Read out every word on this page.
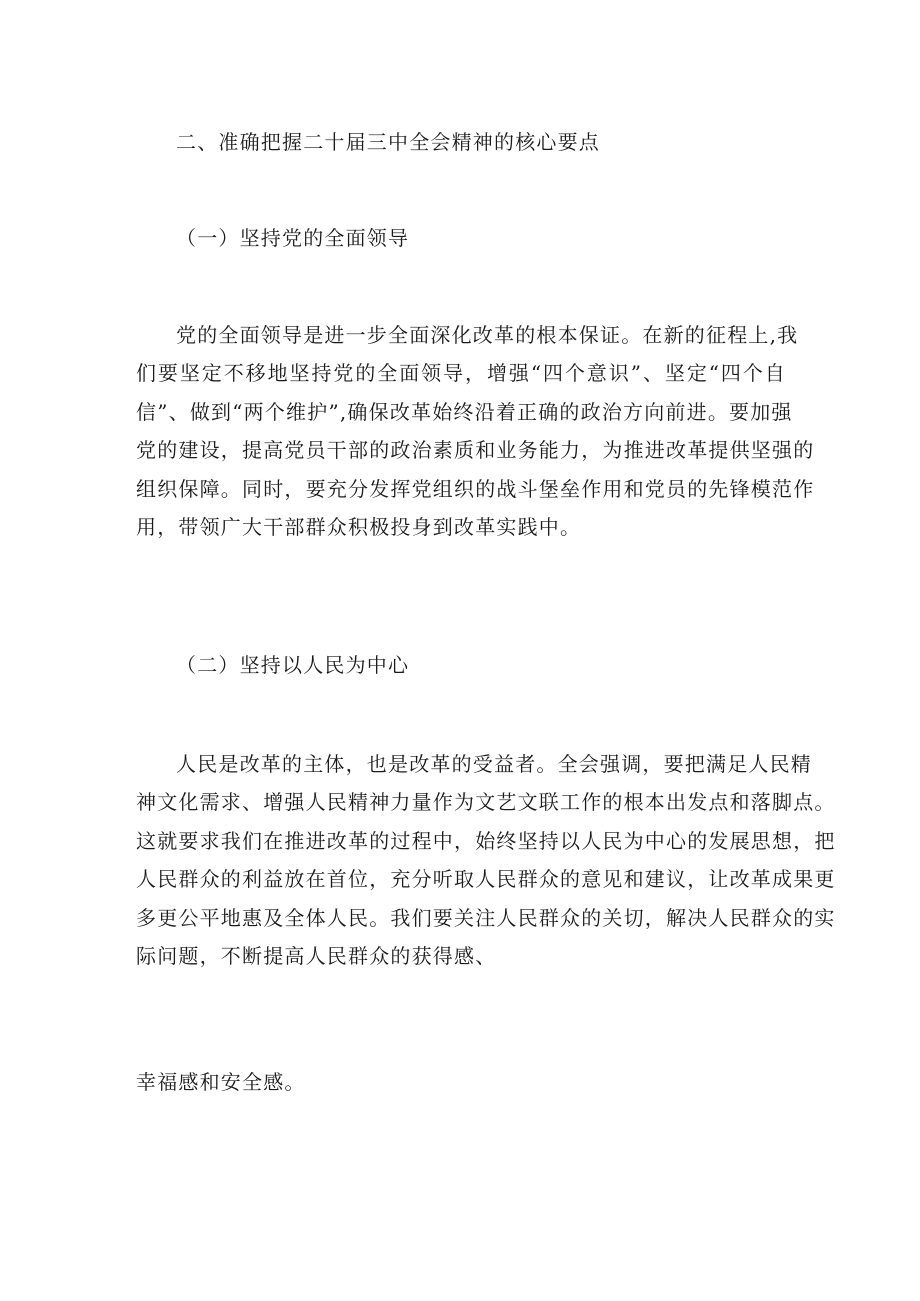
二、准确把握二十届三中全会精神的核心要点
（一）坚持党的全面领导
党的全面领导是进一步全面深化改革的根本保证。在新的征程上,我
们要坚定不移地坚持党的全面领导，增强“四个意识”、坚定“四个自
信”、做到“两个维护”,确保改革始终沿着正确的政治方向前进。要加强
党的建设，提高党员干部的政治素质和业务能力，为推进改革提供坚强的
组织保障。同时，要充分发挥党组织的战斗堡垒作用和党员的先锋模范作
用，带领广大干部群众积极投身到改革实践中。
（二）坚持以人民为中心
人民是改革的主体，也是改革的受益者。全会强调，要把满足人民精
神文化需求、增强人民精神力量作为文艺文联工作的根本出发点和落脚点。
这就要求我们在推进改革的过程中，始终坚持以人民为中心的发展思想，把
人民群众的利益放在首位，充分听取人民群众的意见和建议，让改革成果更
多更公平地惠及全体人民。我们要关注人民群众的关切，解决人民群众的实
际问题，不断提高人民群众的获得感、
幸福感和安全感。
